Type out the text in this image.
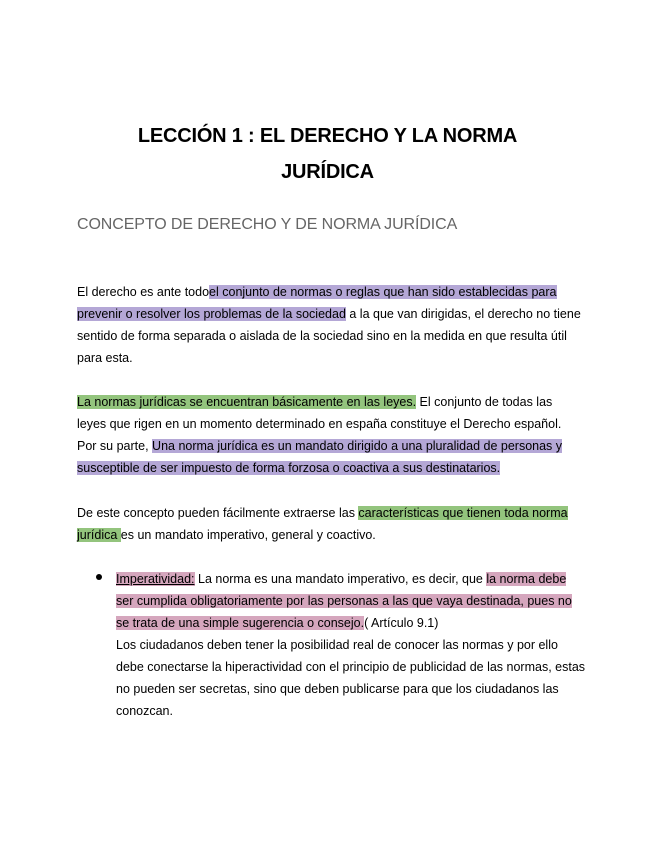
LECCIÓN 1 : EL DERECHO Y LA NORMA
JURÍDICA
CONCEPTO DE DERECHO Y DE NORMA JURÍDICA
El derecho es ante todoel conjunto de normas o reglas que han sido establecidas para prevenir o resolver los problemas de la sociedad a la que van dirigidas, el derecho no tiene sentido de forma separada o aislada de la sociedad sino en la medida en que resulta útil para esta.
La normas jurídicas se encuentran básicamente en las leyes. El conjunto de todas las leyes que rigen en un momento determinado en españa constituye el Derecho español. Por su parte, Una norma jurídica es un mandato dirigido a una pluralidad de personas y susceptible de ser impuesto de forma forzosa o coactiva a sus destinatarios.
De este concepto pueden fácilmente extraerse las características que tienen toda norma jurídica es un mandato imperativo, general y coactivo.
Imperatividad: La norma es una mandato imperativo, es decir, que la norma debe ser cumplida obligatoriamente por las personas a las que vaya destinada, pues no se trata de una simple sugerencia o consejo.( Artículo 9.1)
Los ciudadanos deben tener la posibilidad real de conocer las normas y por ello debe conectarse la hiperactividad con el principio de publicidad de las normas, estas no pueden ser secretas, sino que deben publicarse para que los ciudadanos las conozcan.
